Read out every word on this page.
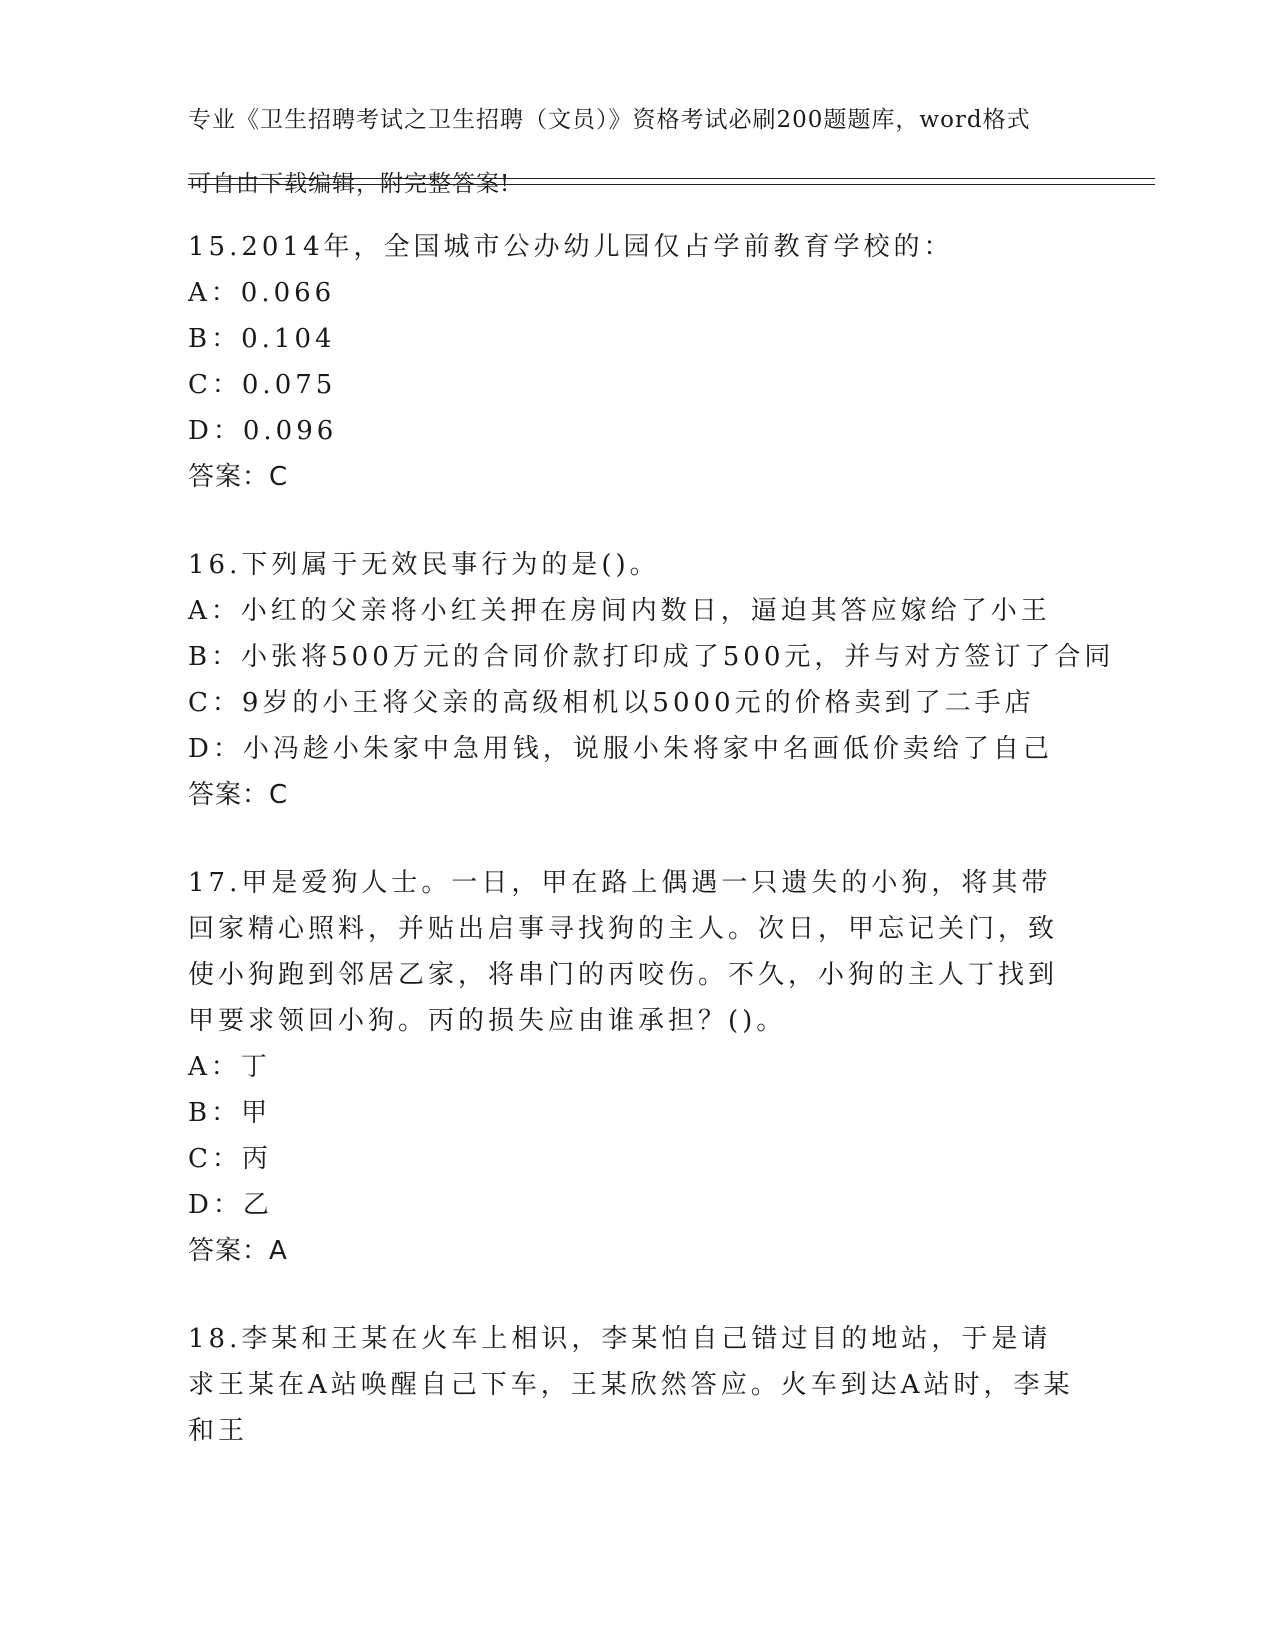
专业《卫生招聘考试之卫生招聘（文员）》资格考试必刷200题题库，word格式

可自由下载编辑，附完整答案!

15.2014年，全国城市公办幼儿园仅占学前教育学校的：

A：0.066

B：0.104

C：0.075

D：0.096

答案：C

16.下列属于无效民事行为的是()。

A：小红的父亲将小红关押在房间内数日，逼迫其答应嫁给了小王

B：小张将500万元的合同价款打印成了500元，并与对方签订了合同

C：9岁的小王将父亲的高级相机以5000元的价格卖到了二手店

D：小冯趁小朱家中急用钱，说服小朱将家中名画低价卖给了自己

答案：C

17.甲是爱狗人士。一日，甲在路上偶遇一只遗失的小狗，将其带回家精心照料，并贴出启事寻找狗的主人。次日，甲忘记关门，致使小狗跑到邻居乙家，将串门的丙咬伤。不久，小狗的主人丁找到甲要求领回小狗。丙的损失应由谁承担？()。

A：丁

B：甲

C：丙

D：乙

答案：A

18.李某和王某在火车上相识，李某怕自己错过目的地站，于是请求王某在A站唤醒自己下车，王某欣然答应。火车到达A站时，李某和王
